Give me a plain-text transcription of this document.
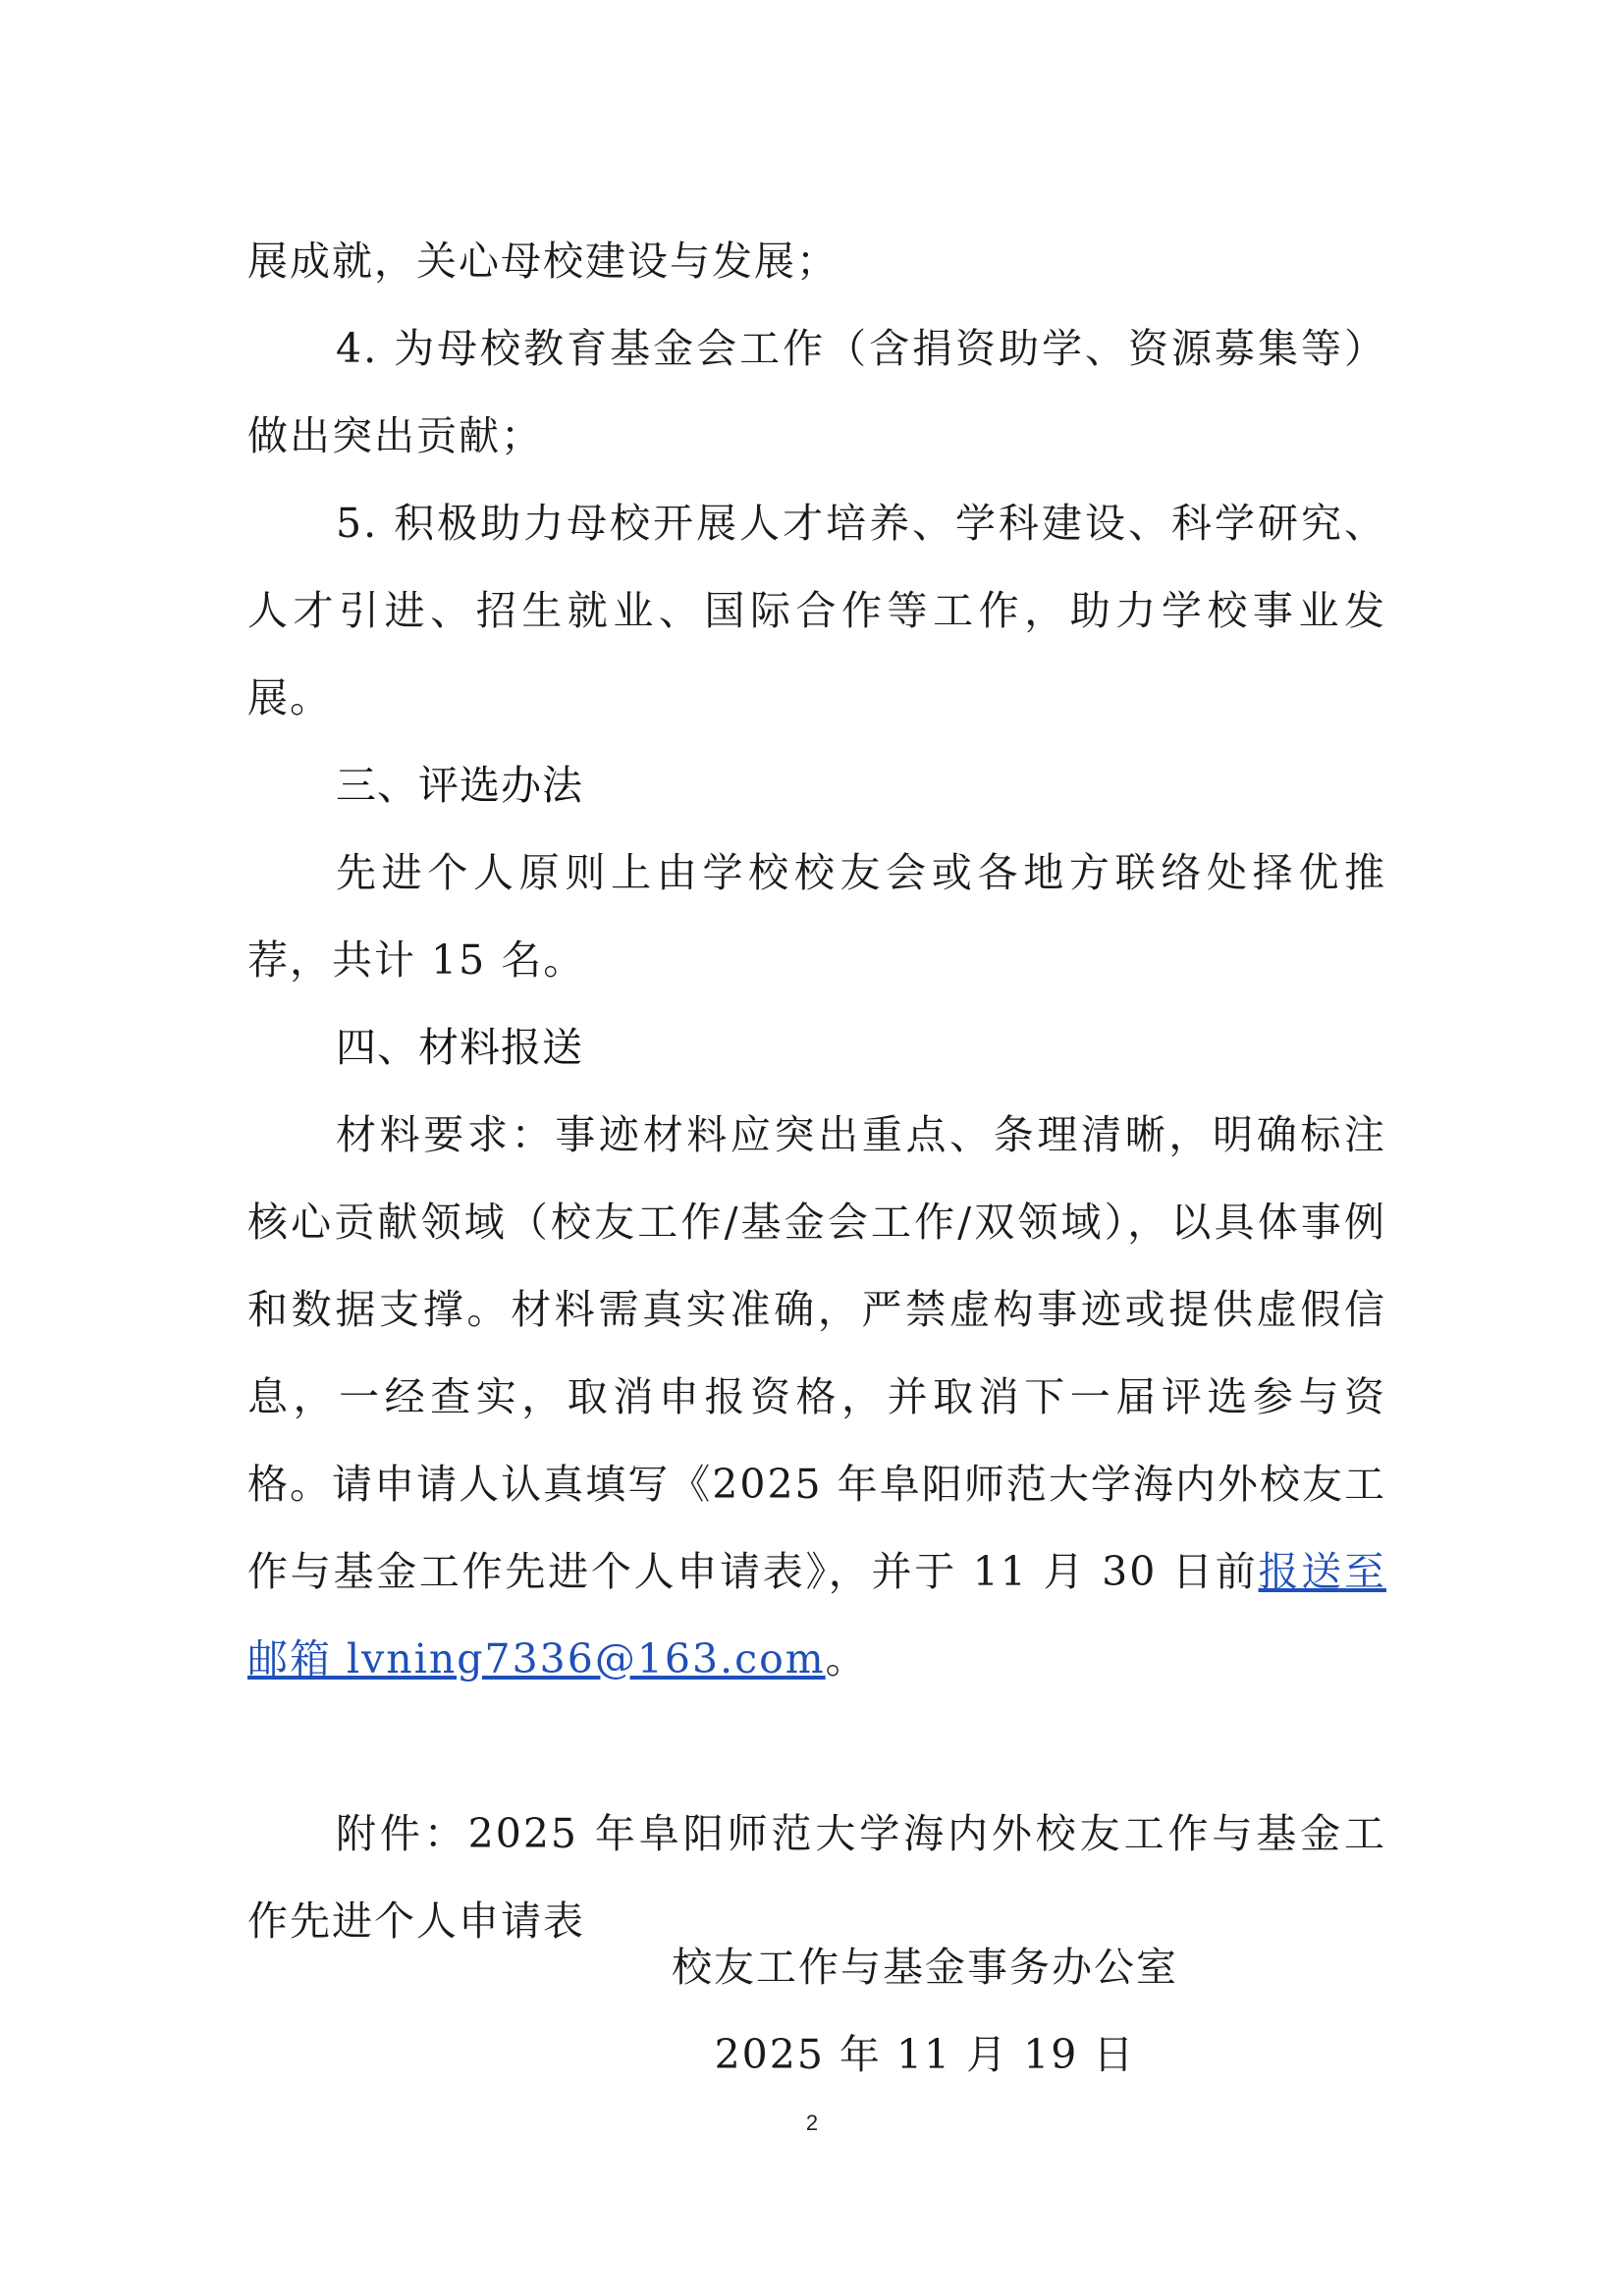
展成就，关心母校建设与发展；

4. 为母校教育基金会工作（含捐资助学、资源募集等）做出突出贡献；

5. 积极助力母校开展人才培养、学科建设、科学研究、人才引进、招生就业、国际合作等工作，助力学校事业发展。

三、评选办法

先进个人原则上由学校校友会或各地方联络处择优推荐，共计 15 名。

四、材料报送

材料要求：事迹材料应突出重点、条理清晰，明确标注核心贡献领域（校友工作/基金会工作/双领域），以具体事例和数据支撑。材料需真实准确，严禁虚构事迹或提供虚假信息，一经查实，取消申报资格，并取消下一届评选参与资格。请申请人认真填写《2025 年阜阳师范大学海内外校友工作与基金工作先进个人申请表》，并于 11 月 30 日前报送至邮箱 lvning7336@163.com。

附件：2025 年阜阳师范大学海内外校友工作与基金工作先进个人申请表

校友工作与基金事务办公室

2025 年 11 月 19 日

2
